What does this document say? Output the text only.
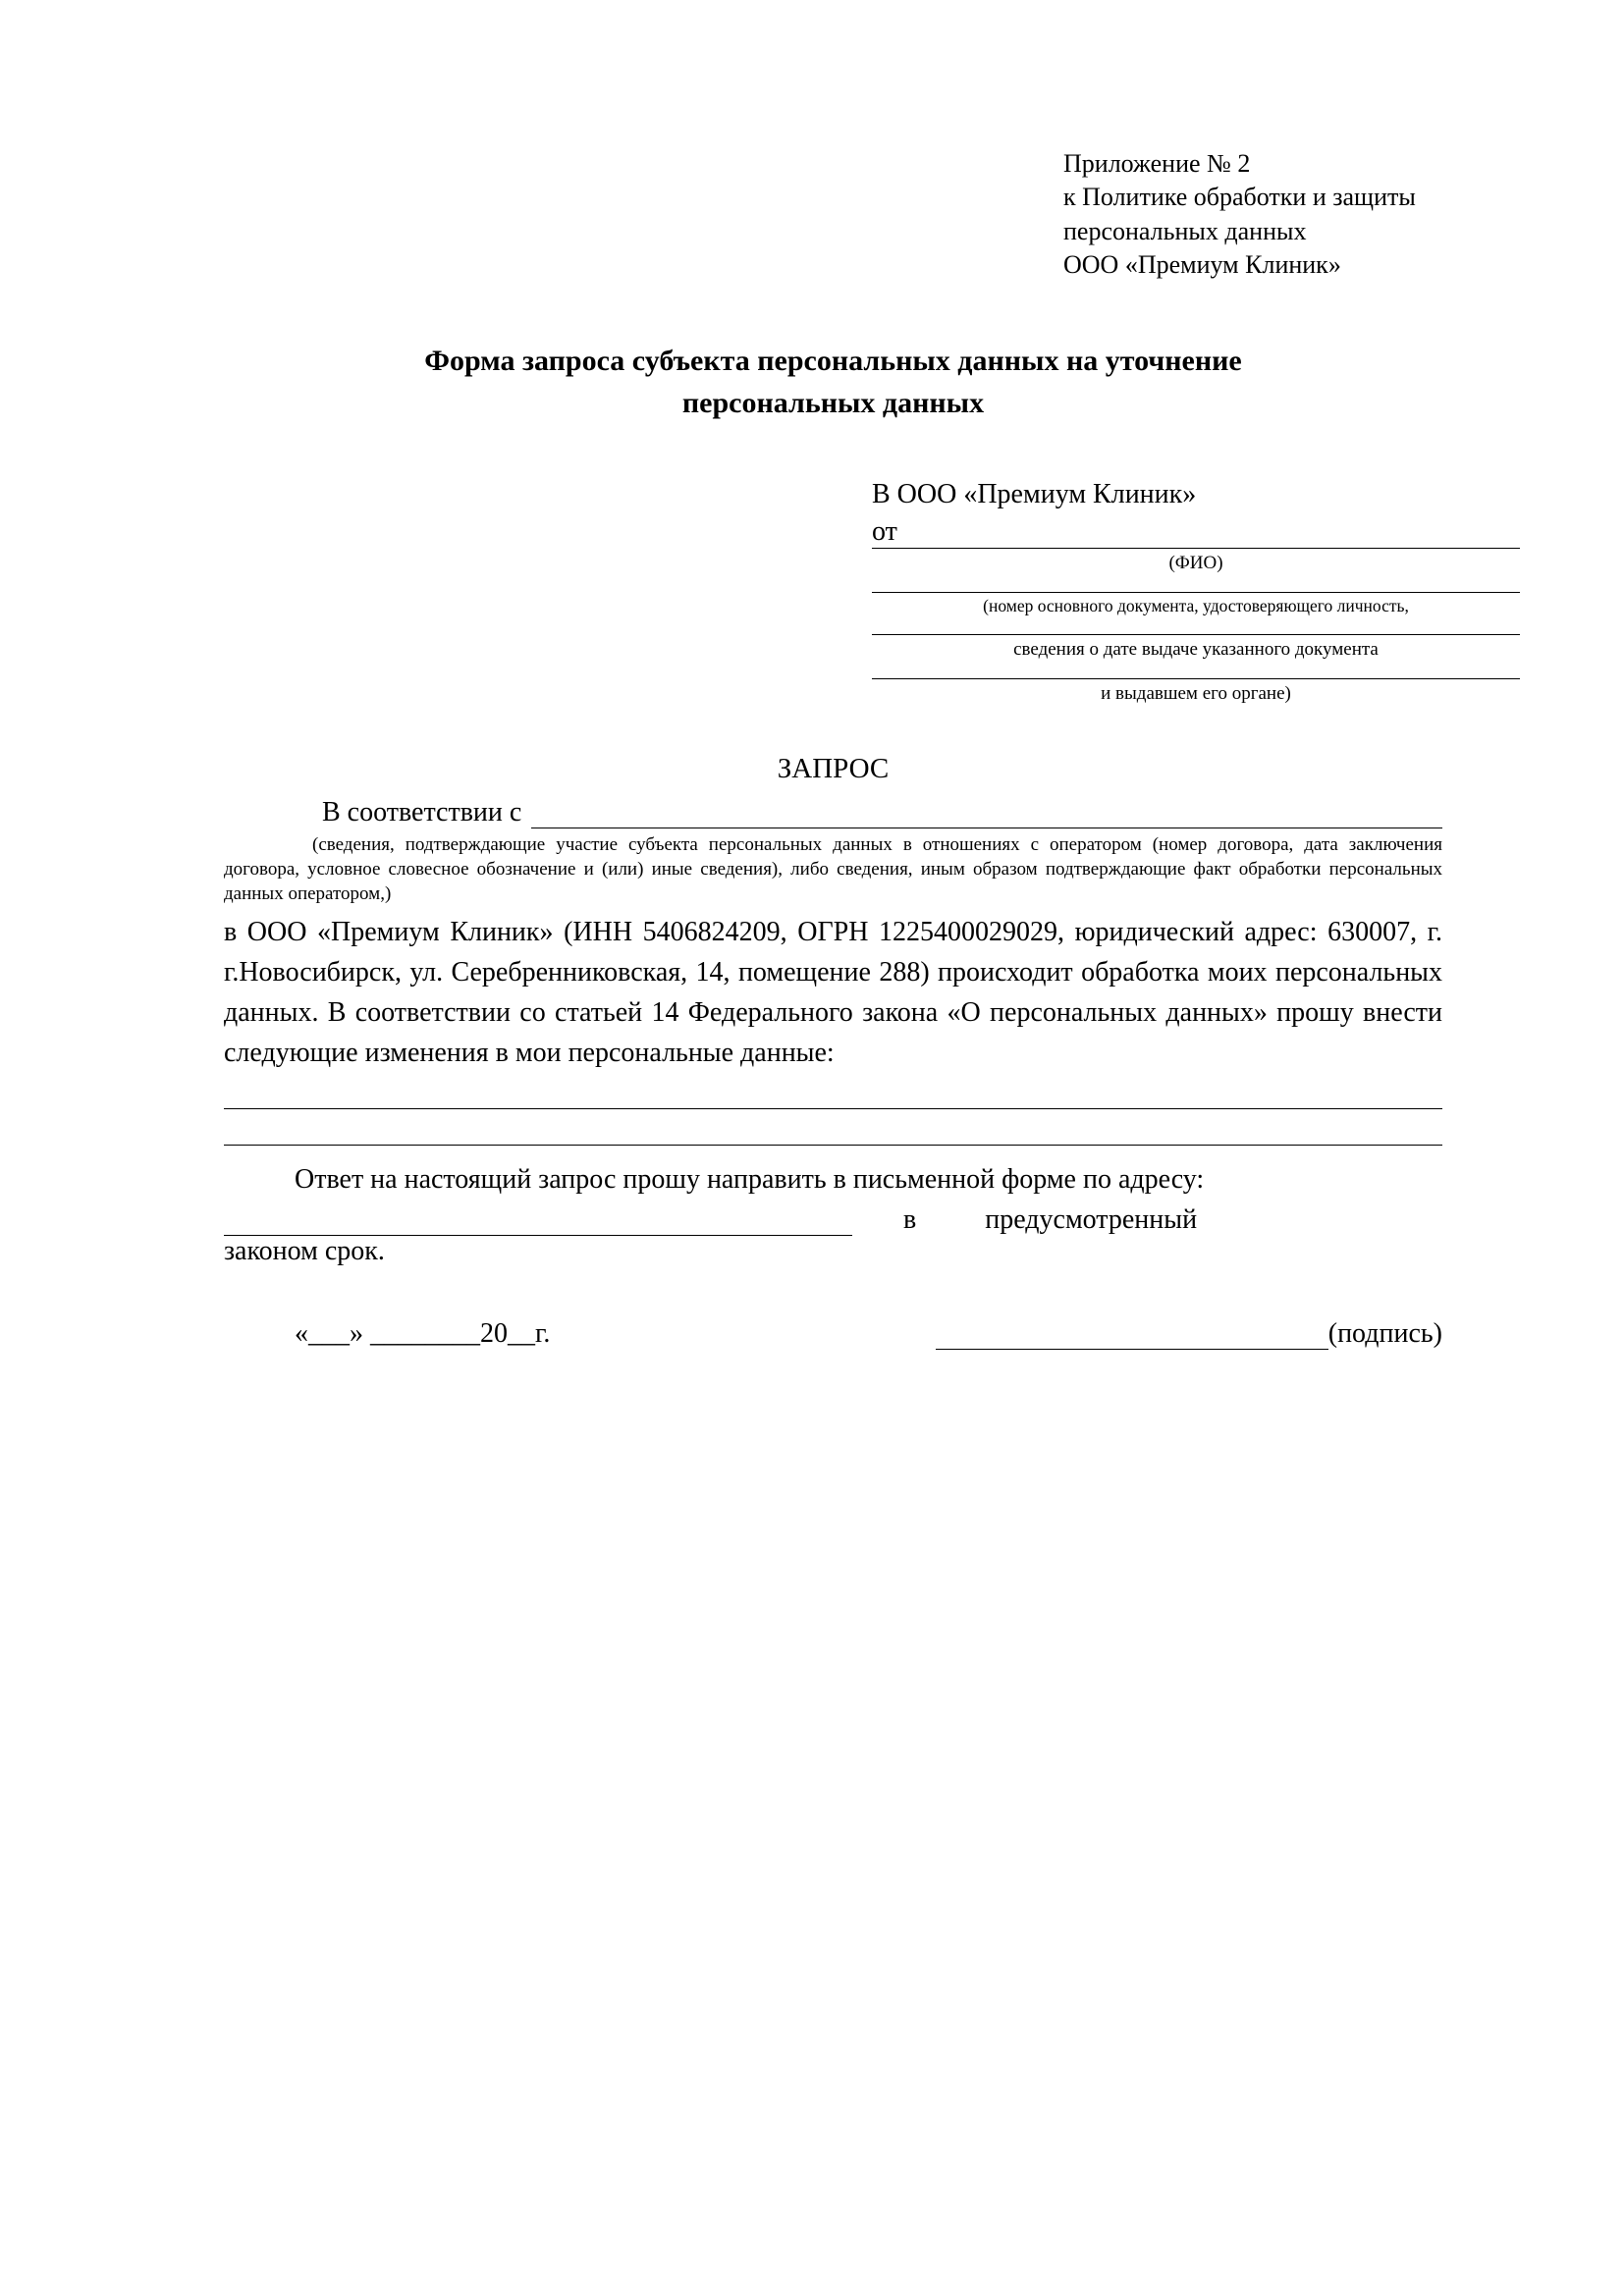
Приложение № 2
к Политике обработки и защиты
персональных данных
ООО «Премиум Клиник»
Форма запроса субъекта персональных данных на уточнение
персональных данных
В ООО «Премиум Клиник»
от
(ФИО)
(номер основного документа, удостоверяющего личность,
сведения о дате выдаче указанного документа
и выдавшем его органе)
ЗАПРОС
В соответствии с
(сведения, подтверждающие участие субъекта персональных данных в отношениях с оператором (номер договора, дата заключения договора, условное словесное обозначение и (или) иные сведения), либо сведения, иным образом подтверждающие факт обработки персональных данных оператором,)
в ООО «Премиум Клиник» (ИНН 5406824209, ОГРН 1225400029029, юридический адрес: 630007, г. г.Новосибирск, ул. Серебренниковская, 14, помещение 288) происходит обработка моих персональных данных. В соответствии со статьей 14 Федерального закона «О персональных данных» прошу внести следующие изменения в мои персональные данные:
Ответ на настоящий запрос прошу направить в письменной форме по адресу:
в	предусмотренный
законом срок.
«___» ________20__г.	(подпись)
